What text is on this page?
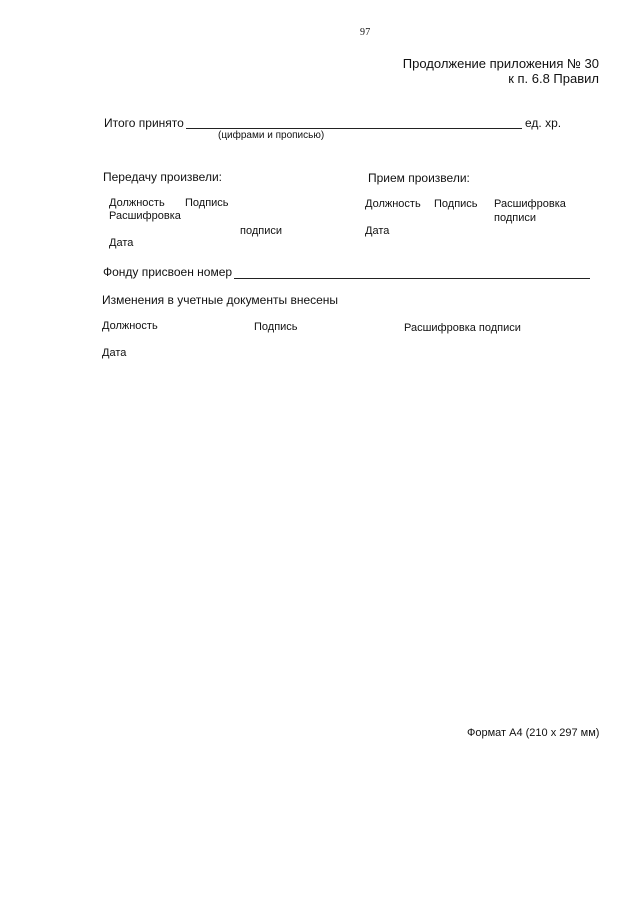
97
Продолжение приложения № 30
к п. 6.8 Правил
Итого принято	ед. хр.
(цифрами и прописью)
Передачу произвели:
Должность Подпись
Расшифровка
подписи
Дата
Прием произвели:
Должность Подпись Расшифровка
подписи
Дата
Фонду присвоен номер
Изменения в учетные документы внесены
Должность	Подпись	Расшифровка подписи
Дата
Формат А4 (210 x 297 мм)
